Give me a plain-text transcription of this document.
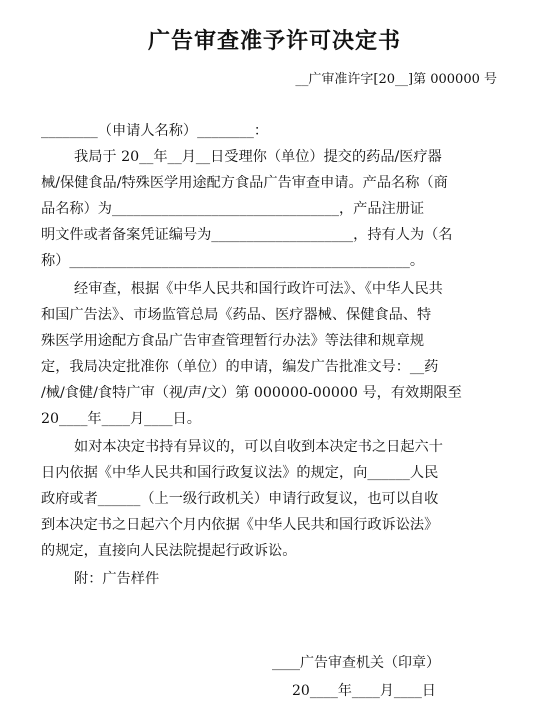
广告审查准予许可决定书
__广审准许字[20__]第 000000 号
________（申请人名称）________：
我局于 20__年__月__日受理你（单位）提交的药品/医疗器
械/保健食品/特殊医学用途配方食品广告审查申请。产品名称（商
品名称）为________________________________，产品注册证
明文件或者备案凭证编号为____________________，持有人为（名
称）________________________________________________。
经审查，根据《中华人民共和国行政许可法》、《中华人民共
和国广告法》、市场监管总局《药品、医疗器械、保健食品、特
殊医学用途配方食品广告审查管理暂行办法》等法律和规章规
定，我局决定批准你（单位）的申请，编发广告批准文号：__药
/械/食健/食特广审（视/声/文）第 000000-00000 号，有效期限至
20____年____月____日。
如对本决定书持有异议的，可以自收到本决定书之日起六十
日内依据《中华人民共和国行政复议法》的规定，向______人民
政府或者______（上一级行政机关）申请行政复议，也可以自收
到本决定书之日起六个月内依据《中华人民共和国行政诉讼法》
的规定，直接向人民法院提起行政诉讼。
附：广告样件
____广告审查机关（印章）
20____年____月____日
